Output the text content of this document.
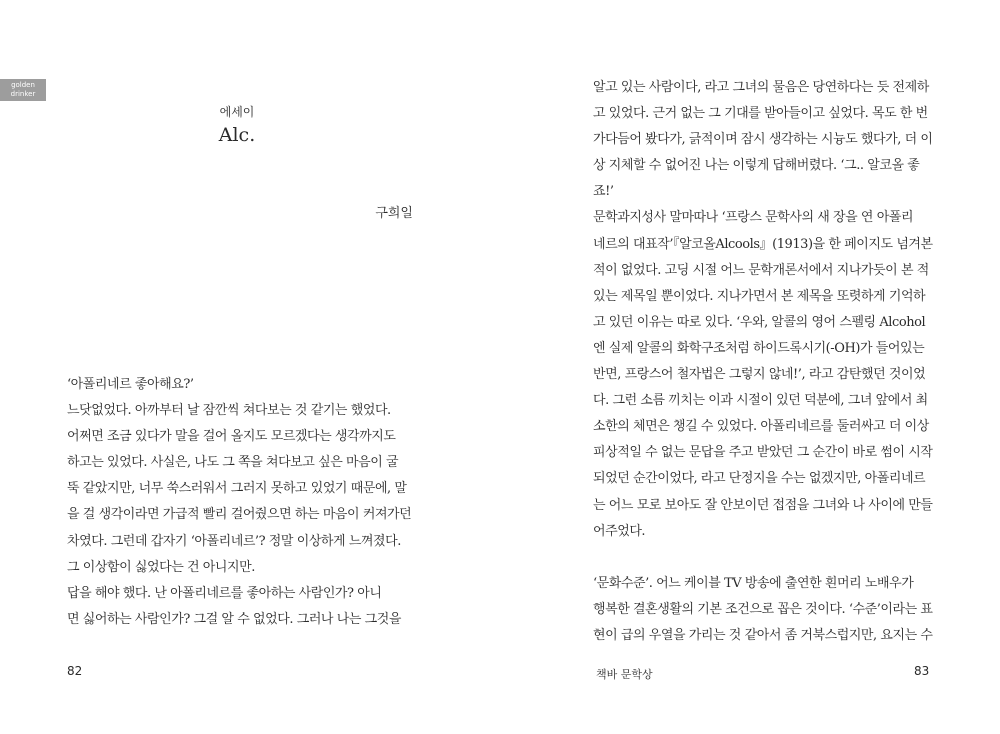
golden
drinker
에세이
Alc.
구희일
‘아폴리네르 좋아해요?’
느닷없었다. 아까부터 날 잠깐씩 쳐다보는 것 같기는 했었다.
어쩌면 조금 있다가 말을 걸어 올지도 모르겠다는 생각까지도
하고는 있었다. 사실은, 나도 그 쪽을 쳐다보고 싶은 마음이 굴
뚝 같았지만, 너무 쑥스러워서 그러지 못하고 있었기 때문에, 말
을 걸 생각이라면 가급적 빨리 걸어줬으면 하는 마음이 커져가던
차였다. 그런데 갑자기 ‘아폴리네르’? 정말 이상하게 느껴졌다.
그 이상함이 싫었다는 건 아니지만.
답을 해야 했다. 난 아폴리네르를 좋아하는 사람인가? 아니
면 싫어하는 사람인가? 그걸 알 수 없었다. 그러나 나는 그것을
82
알고 있는 사람이다, 라고 그녀의 물음은 당연하다는 듯 전제하
고 있었다. 근거 없는 그 기대를 받아들이고 싶었다. 목도 한 번
가다듬어 봤다가, 긁적이며 잠시 생각하는 시늉도 했다가, 더 이
상 지체할 수 없어진 나는 이렇게 답해버렸다. ‘그.. 알코올 좋
죠!’
문학과지성사 말마따나 ‘프랑스 문학사의 새 장을 연 아폴리
네르의 대표작’『알코올Alcools』(1913)을 한 페이지도 넘겨본
적이 없었다. 고딩 시절 어느 문학개론서에서 지나가듯이 본 적
있는 제목일 뿐이었다. 지나가면서 본 제목을 또렷하게 기억하
고 있던 이유는 따로 있다. ‘우와, 알콜의 영어 스펠링 Alcohol
엔 실제 알콜의 화학구조처럼 하이드록시기(-OH)가 들어있는
반면, 프랑스어 철자법은 그렇지 않네!’, 라고 감탄했던 것이었
다. 그런 소름 끼치는 이과 시절이 있던 덕분에, 그녀 앞에서 최
소한의 체면은 챙길 수 있었다. 아폴리네르를 둘러싸고 더 이상
피상적일 수 없는 문답을 주고 받았던 그 순간이 바로 썸이 시작
되었던 순간이었다, 라고 단정지을 수는 없겠지만, 아폴리네르
는 어느 모로 보아도 잘 안보이던 접점을 그녀와 나 사이에 만들
어주었다.
‘문화수준’. 어느 케이블 TV 방송에 출연한 흰머리 노배우가
행복한 결혼생활의 기본 조건으로 꼽은 것이다. ‘수준’이라는 표
현이 급의 우열을 가리는 것 같아서 좀 거북스럽지만, 요지는 수
책바 문학상	83
